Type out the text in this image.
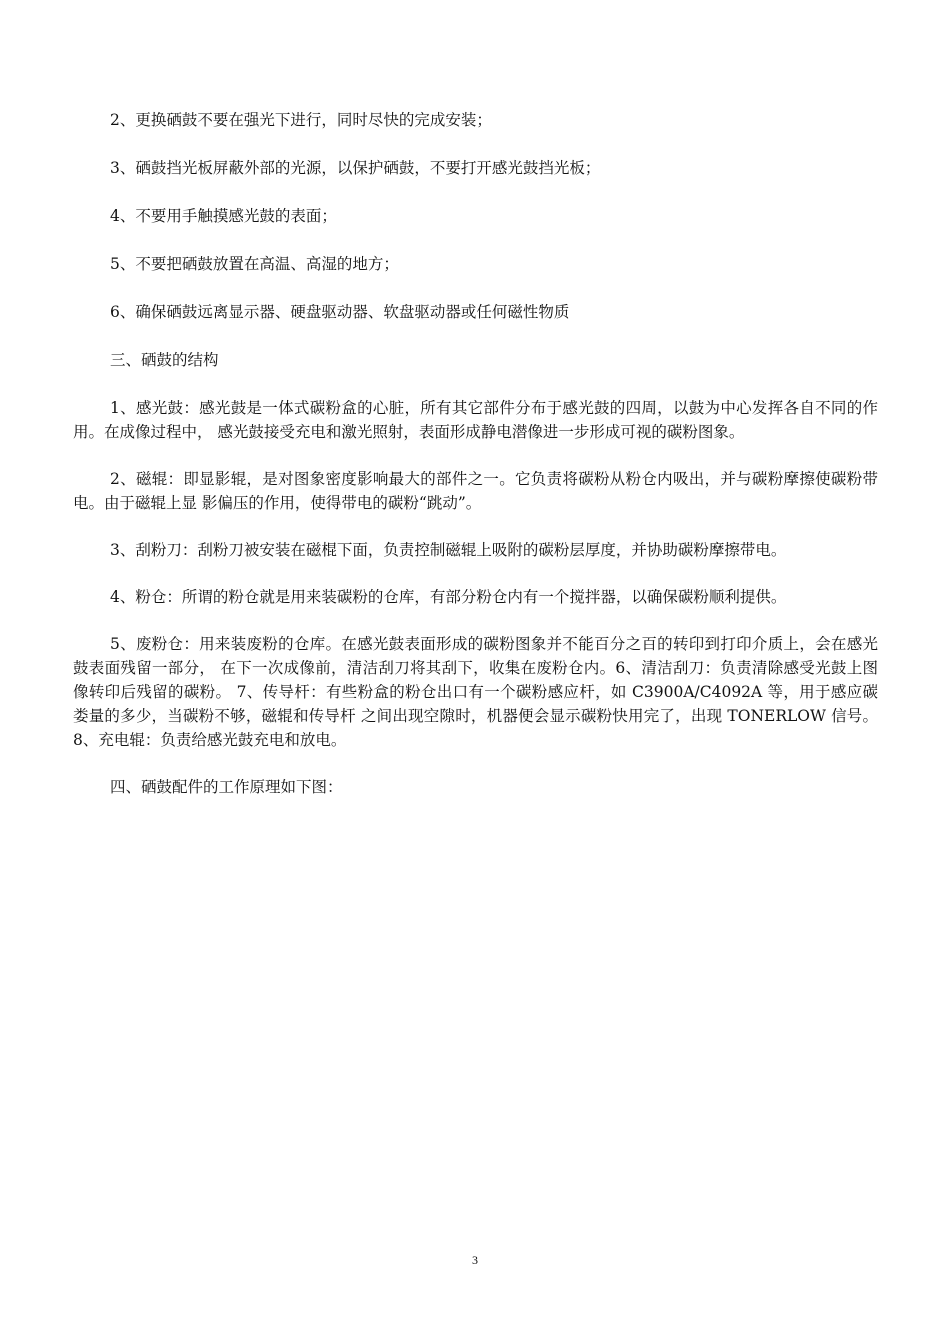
2、更换硒鼓不要在强光下进行，同时尽快的完成安装；

3、硒鼓挡光板屏蔽外部的光源，以保护硒鼓，不要打开感光鼓挡光板；

4、不要用手触摸感光鼓的表面；

5、不要把硒鼓放置在高温、高湿的地方；

6、确保硒鼓远离显示器、硬盘驱动器、软盘驱动器或任何磁性物质

三、硒鼓的结构

1、感光鼓：感光鼓是一体式碳粉盒的心脏，所有其它部件分布于感光鼓的四周，以鼓为中心发挥各自不同的作用。在成像过程中， 感光鼓接受充电和激光照射，表面形成静电潜像进一步形成可视的碳粉图象。

2、磁辊：即显影辊，是对图象密度影响最大的部件之一。它负责将碳粉从粉仓内吸出，并与碳粉摩擦使碳粉带电。由于磁辊上显 影偏压的作用，使得带电的碳粉“跳动”。

3、刮粉刀：刮粉刀被安装在磁棍下面，负责控制磁辊上吸附的碳粉层厚度，并协助碳粉摩擦带电。

4、粉仓：所谓的粉仓就是用来装碳粉的仓库，有部分粉仓内有一个搅拌器，以确保碳粉顺利提供。

5、废粉仓：用来装废粉的仓库。在感光鼓表面形成的碳粉图象并不能百分之百的转印到打印介质上，会在感光鼓表面残留一部分， 在下一次成像前，清洁刮刀将其刮下，收集在废粉仓内。6、清洁刮刀：负责清除感受光鼓上图像转印后残留的碳粉。 7、传导杆：有些粉盒的粉仓出口有一个碳粉感应杆，如 C3900A/C4092A 等，用于感应碳娄量的多少，当碳粉不够，磁辊和传导杆 之间出现空隙时，机器便会显示碳粉快用完了，出现 TONERLOW 信号。 8、充电辊：负责给感光鼓充电和放电。

四、硒鼓配件的工作原理如下图：

3
